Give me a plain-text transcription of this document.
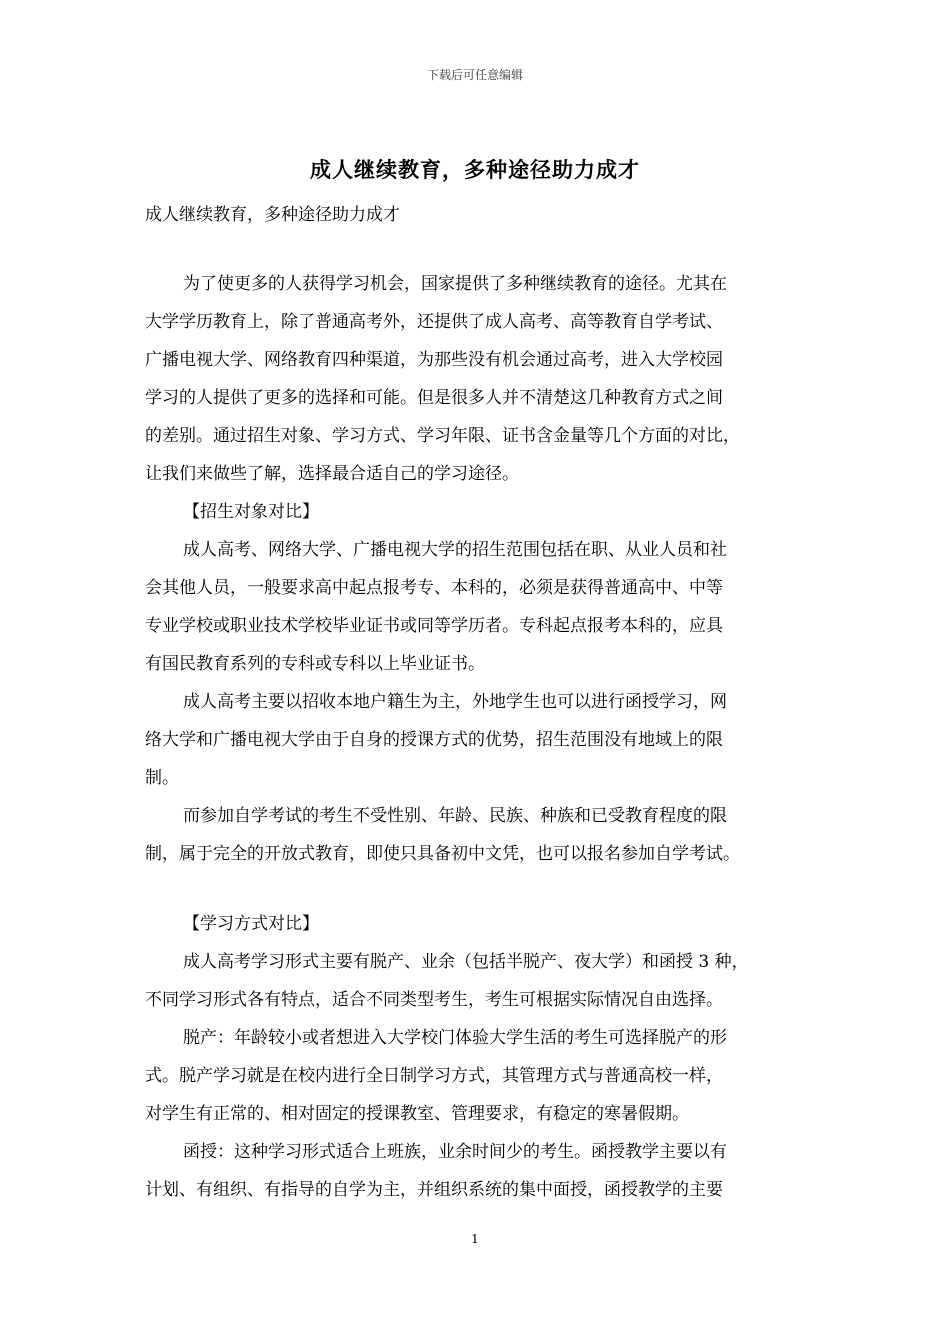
下载后可任意编辑
成人继续教育，多种途径助力成才
成人继续教育，多种途径助力成才
为了使更多的人获得学习机会，国家提供了多种继续教育的途径。尤其在
大学学历教育上，除了普通高考外，还提供了成人高考、高等教育自学考试、
广播电视大学、网络教育四种渠道，为那些没有机会通过高考，进入大学校园
学习的人提供了更多的选择和可能。但是很多人并不清楚这几种教育方式之间
的差别。通过招生对象、学习方式、学习年限、证书含金量等几个方面的对比，
让我们来做些了解，选择最合适自己的学习途径。
【招生对象对比】
成人高考、网络大学、广播电视大学的招生范围包括在职、从业人员和社
会其他人员，一般要求高中起点报考专、本科的，必须是获得普通高中、中等
专业学校或职业技术学校毕业证书或同等学历者。专科起点报考本科的，应具
有国民教育系列的专科或专科以上毕业证书。
成人高考主要以招收本地户籍生为主，外地学生也可以进行函授学习，网
络大学和广播电视大学由于自身的授课方式的优势，招生范围没有地域上的限
制。
而参加自学考试的考生不受性别、年龄、民族、种族和已受教育程度的限
制，属于完全的开放式教育，即使只具备初中文凭，也可以报名参加自学考试。
【学习方式对比】
成人高考学习形式主要有脱产、业余（包括半脱产、夜大学）和函授 3 种，
不同学习形式各有特点，适合不同类型考生，考生可根据实际情况自由选择。
脱产：年龄较小或者想进入大学校门体验大学生活的考生可选择脱产的形
式。脱产学习就是在校内进行全日制学习方式，其管理方式与普通高校一样，
对学生有正常的、相对固定的授课教室、管理要求，有稳定的寒暑假期。
函授：这种学习形式适合上班族，业余时间少的考生。函授教学主要以有
计划、有组织、有指导的自学为主，并组织系统的集中面授，函授教学的主要
1
